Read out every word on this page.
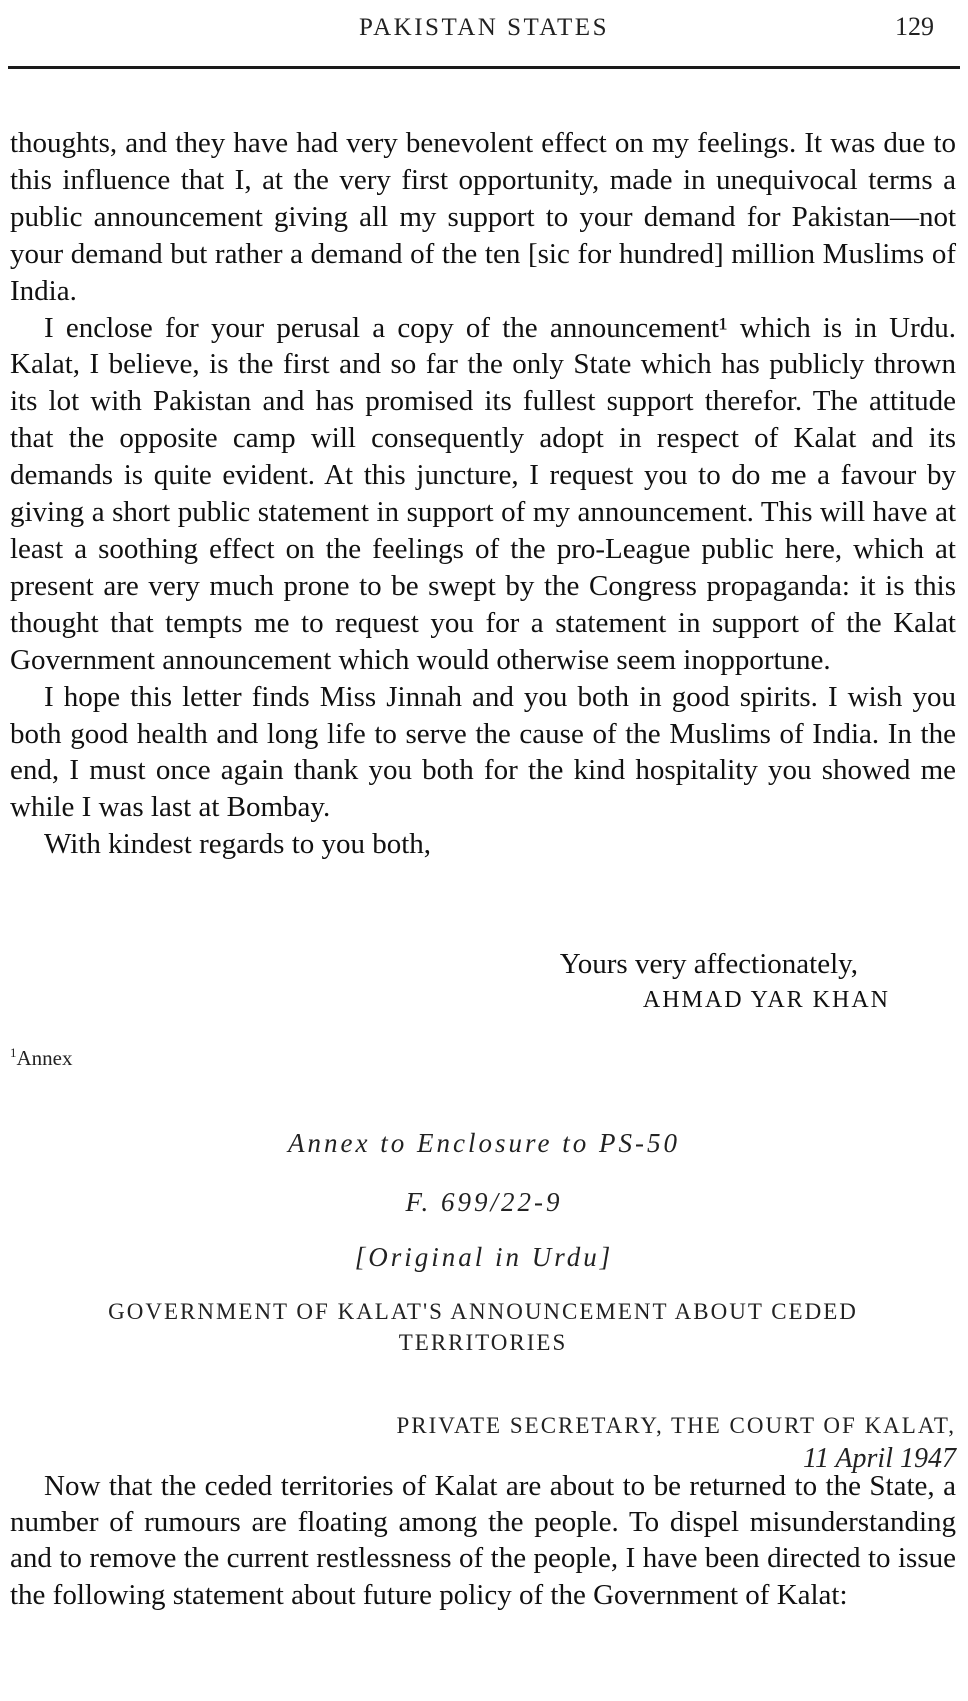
PAKISTAN STATES	129

thoughts, and they have had very benevolent effect on my feelings. It was due to this influence that I, at the very first opportunity, made in unequivocal terms a public announcement giving all my support to your demand for Pakistan—not your demand but rather a demand of the ten [sic for hundred] million Muslims of India.

I enclose for your perusal a copy of the announcement¹ which is in Urdu. Kalat, I believe, is the first and so far the only State which has publicly thrown its lot with Pakistan and has promised its fullest support therefor. The attitude that the opposite camp will consequently adopt in respect of Kalat and its demands is quite evident. At this juncture, I request you to do me a favour by giving a short public statement in support of my announcement. This will have at least a soothing effect on the feelings of the pro-League public here, which at present are very much prone to be swept by the Congress propaganda: it is this thought that tempts me to request you for a statement in support of the Kalat Government announcement which would otherwise seem inopportune.

I hope this letter finds Miss Jinnah and you both in good spirits. I wish you both good health and long life to serve the cause of the Muslims of India. In the end, I must once again thank you both for the kind hospitality you showed me while I was last at Bombay.

With kindest regards to you both,

Yours very affectionately,
AHMAD YAR KHAN
$^1$Annex
Annex to Enclosure to PS-50
F. 699/22-9
[Original in Urdu]
GOVERNMENT OF KALAT'S ANNOUNCEMENT ABOUT CEDED TERRITORIES
PRIVATE SECRETARY, THE COURT OF KALAT,
11 April 1947

Now that the ceded territories of Kalat are about to be returned to the State, a number of rumours are floating among the people. To dispel misunderstanding and to remove the current restlessness of the people, I have been directed to issue the following statement about future policy of the Government of Kalat:
